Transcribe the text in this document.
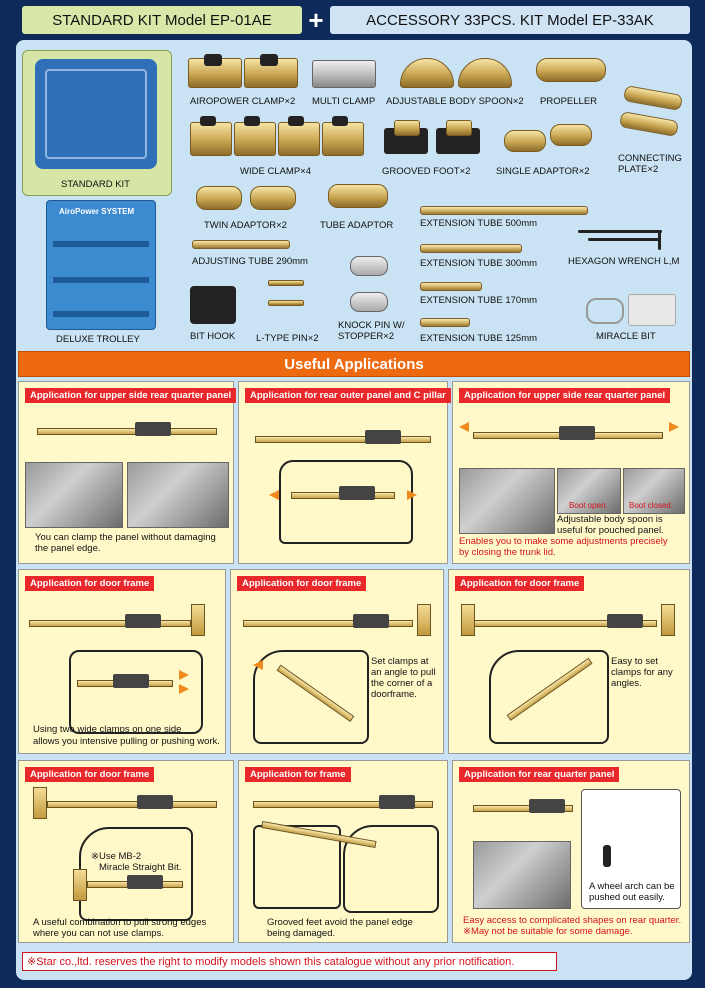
STANDARD KIT Model EP-01AE	+	ACCESSORY 33PCS. KIT Model EP-33AK
STANDARD KIT
AIROPOWER CLAMP×2 MULTI CLAMP ADJUSTABLE BODY SPOON×2 PROPELLER
WIDE CLAMP×4	GROOVED FOOT×2	SINGLE ADAPTOR×2
CONNECTING
PLATE×2
AiroPower SYSTEM
DELUXE TROLLEY
TWIN ADAPTOR×2	TUBE ADAPTOR	EXTENSION TUBE 500mm
ADJUSTING TUBE 290mm	EXTENSION TUBE 300mm	HEXAGON WRENCH L,M
EXTENSION TUBE 170mm
BIT HOOK L-TYPE PIN×2
KNOCK PIN W/
STOPPER×2	EXTENSION TUBE 125mm	MIRACLE BIT
Useful Applications
Application for upper side rear quarter panel
You can clamp the panel without damaging
the panel edge.
Application for rear outer panel and C pillar	Application for upper side rear quarter panel
Boot open.	Boot closed.
Adjustable body spoon is
useful for pouched panel.
Enables you to make some adjustments precisely
by closing the trunk lid.
Application for door frame
Using two wide clamps on one side
allows you intensive pulling or pushing work.
Application for door frame
Set clamps at
an angle to pull
the corner of a
doorframe.
Application for door frame
Easy to set
clamps for any
angles.
Application for door frame
※Use MB-2
Miracle Straight Bit.
A useful combination to pull strong edges
where you can not use clamps.
Application for frame
Grooved feet avoid the panel edge
being damaged.
Application for rear quarter panel
A wheel arch can be
pushed out easily.
Easy access to complicated shapes on rear quarter.
※May not be suitable for some damage.
※Star co.,ltd. reserves the right to modify models shown this catalogue without any prior notification.
